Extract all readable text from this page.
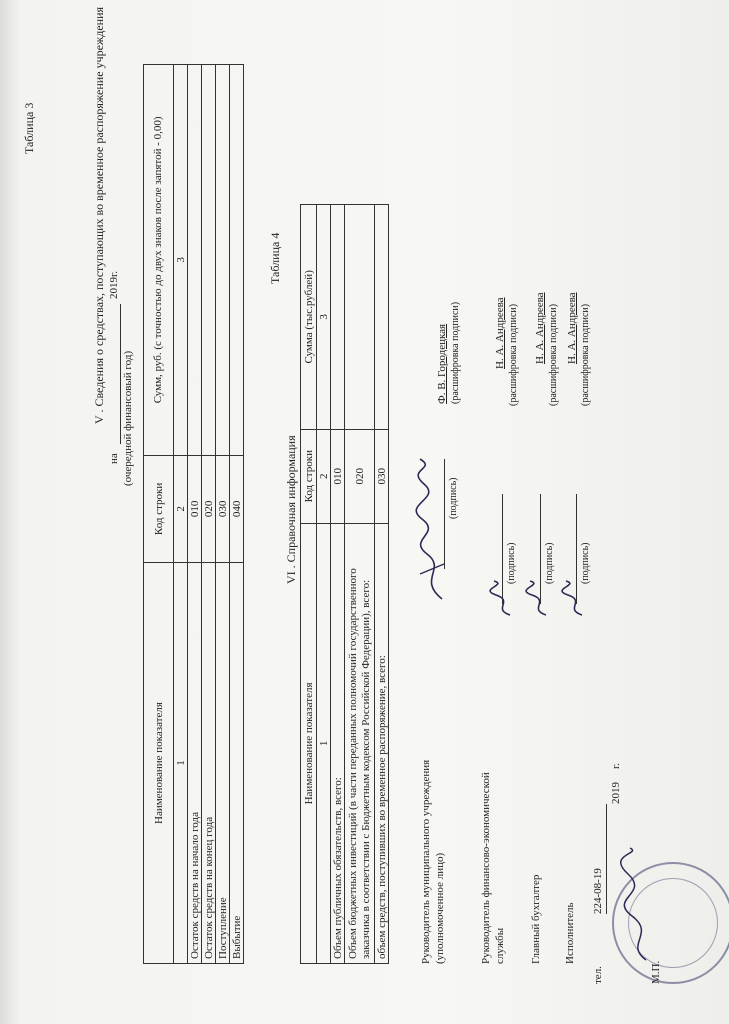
Таблица 3	V . Сведения о средствах, поступающих во временное распоряжение учреждения
на
2019г.
(очередной финансовый год)
Наименование показателя	Код строки	Сумм, руб. (с точностью до двух знаков после запятой - 0,00)
1	2	3
Остаток средств на начало года	010	
Остаток средств на конец года	020	
Поступление	030	
Выбытие	040	
Таблица 4
VI . Справочная информация
Наименование показателя	Код строки	Сумма (тыс.рублей)
1	2	3
Объем публичных обязательств, всего:	010	
Объем бюджетных инвестиций (в части переданных полномочий государственного заказчика в соответствии с Бюджетным кодексом Российской Федерации), всего:	020	
объем средств, поступивших во временное распоряжение, всего:	030	
Руководитель муниципального учреждения (уполномоченное лицо)
(подпись)
Ф. В. Городецкая (расшифровка подписи)
Руководитель финансово-экономической службы
(подпись)
Н. А. Андреева (расшифровка подписи)
Главный бухгалтер
(подпись)
Н. А. Андреева (расшифровка подписи)
Исполнитель
(подпись)
Н. А. Андреева (расшифровка подписи)
тел.
224-08-19
2019
г.
М.П.
